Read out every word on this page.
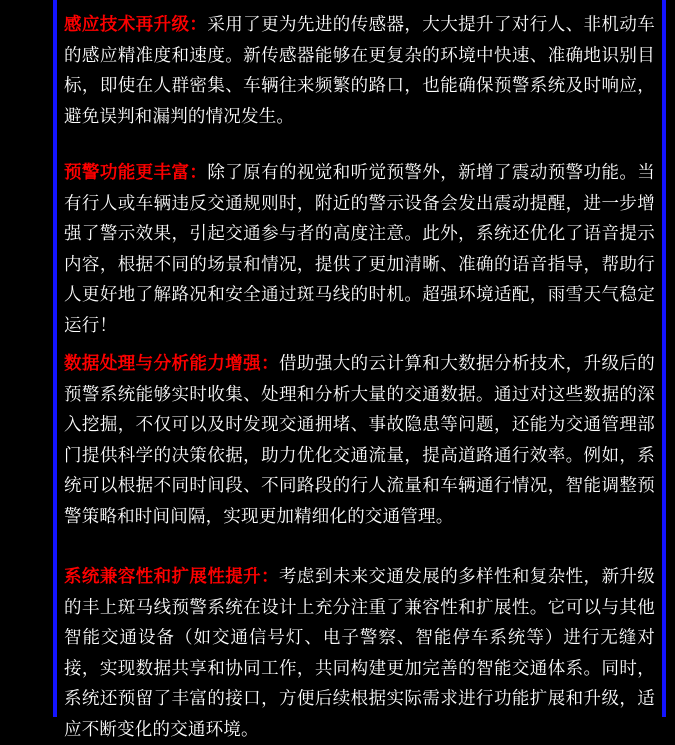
感应技术再升级：采用了更为先进的传感器，大大提升了对行人、非机动车的感应精准度和速度。新传感器能够在更复杂的环境中快速、准确地识别目标，即使在人群密集、车辆往来频繁的路口，也能确保预警系统及时响应，避免误判和漏判的情况发生。

预警功能更丰富：除了原有的视觉和听觉预警外，新增了震动预警功能。当有行人或车辆违反交通规则时，附近的警示设备会发出震动提醒，进一步增强了警示效果，引起交通参与者的高度注意。此外，系统还优化了语音提示内容，根据不同的场景和情况，提供了更加清晰、准确的语音指导，帮助行人更好地了解路况和安全通过斑马线的时机。超强环境适配，雨雪天气稳定运行！

数据处理与分析能力增强：借助强大的云计算和大数据分析技术，升级后的预警系统能够实时收集、处理和分析大量的交通数据。通过对这些数据的深入挖掘，不仅可以及时发现交通拥堵、事故隐患等问题，还能为交通管理部门提供科学的决策依据，助力优化交通流量，提高道路通行效率。例如，系统可以根据不同时间段、不同路段的行人流量和车辆通行情况，智能调整预警策略和时间间隔，实现更加精细化的交通管理。

系统兼容性和扩展性提升：考虑到未来交通发展的多样性和复杂性，新升级的丰上斑马线预警系统在设计上充分注重了兼容性和扩展性。它可以与其他智能交通设备（如交通信号灯、电子警察、智能停车系统等）进行无缝对接，实现数据共享和协同工作，共同构建更加完善的智能交通体系。同时，系统还预留了丰富的接口，方便后续根据实际需求进行功能扩展和升级，适应不断变化的交通环境。
